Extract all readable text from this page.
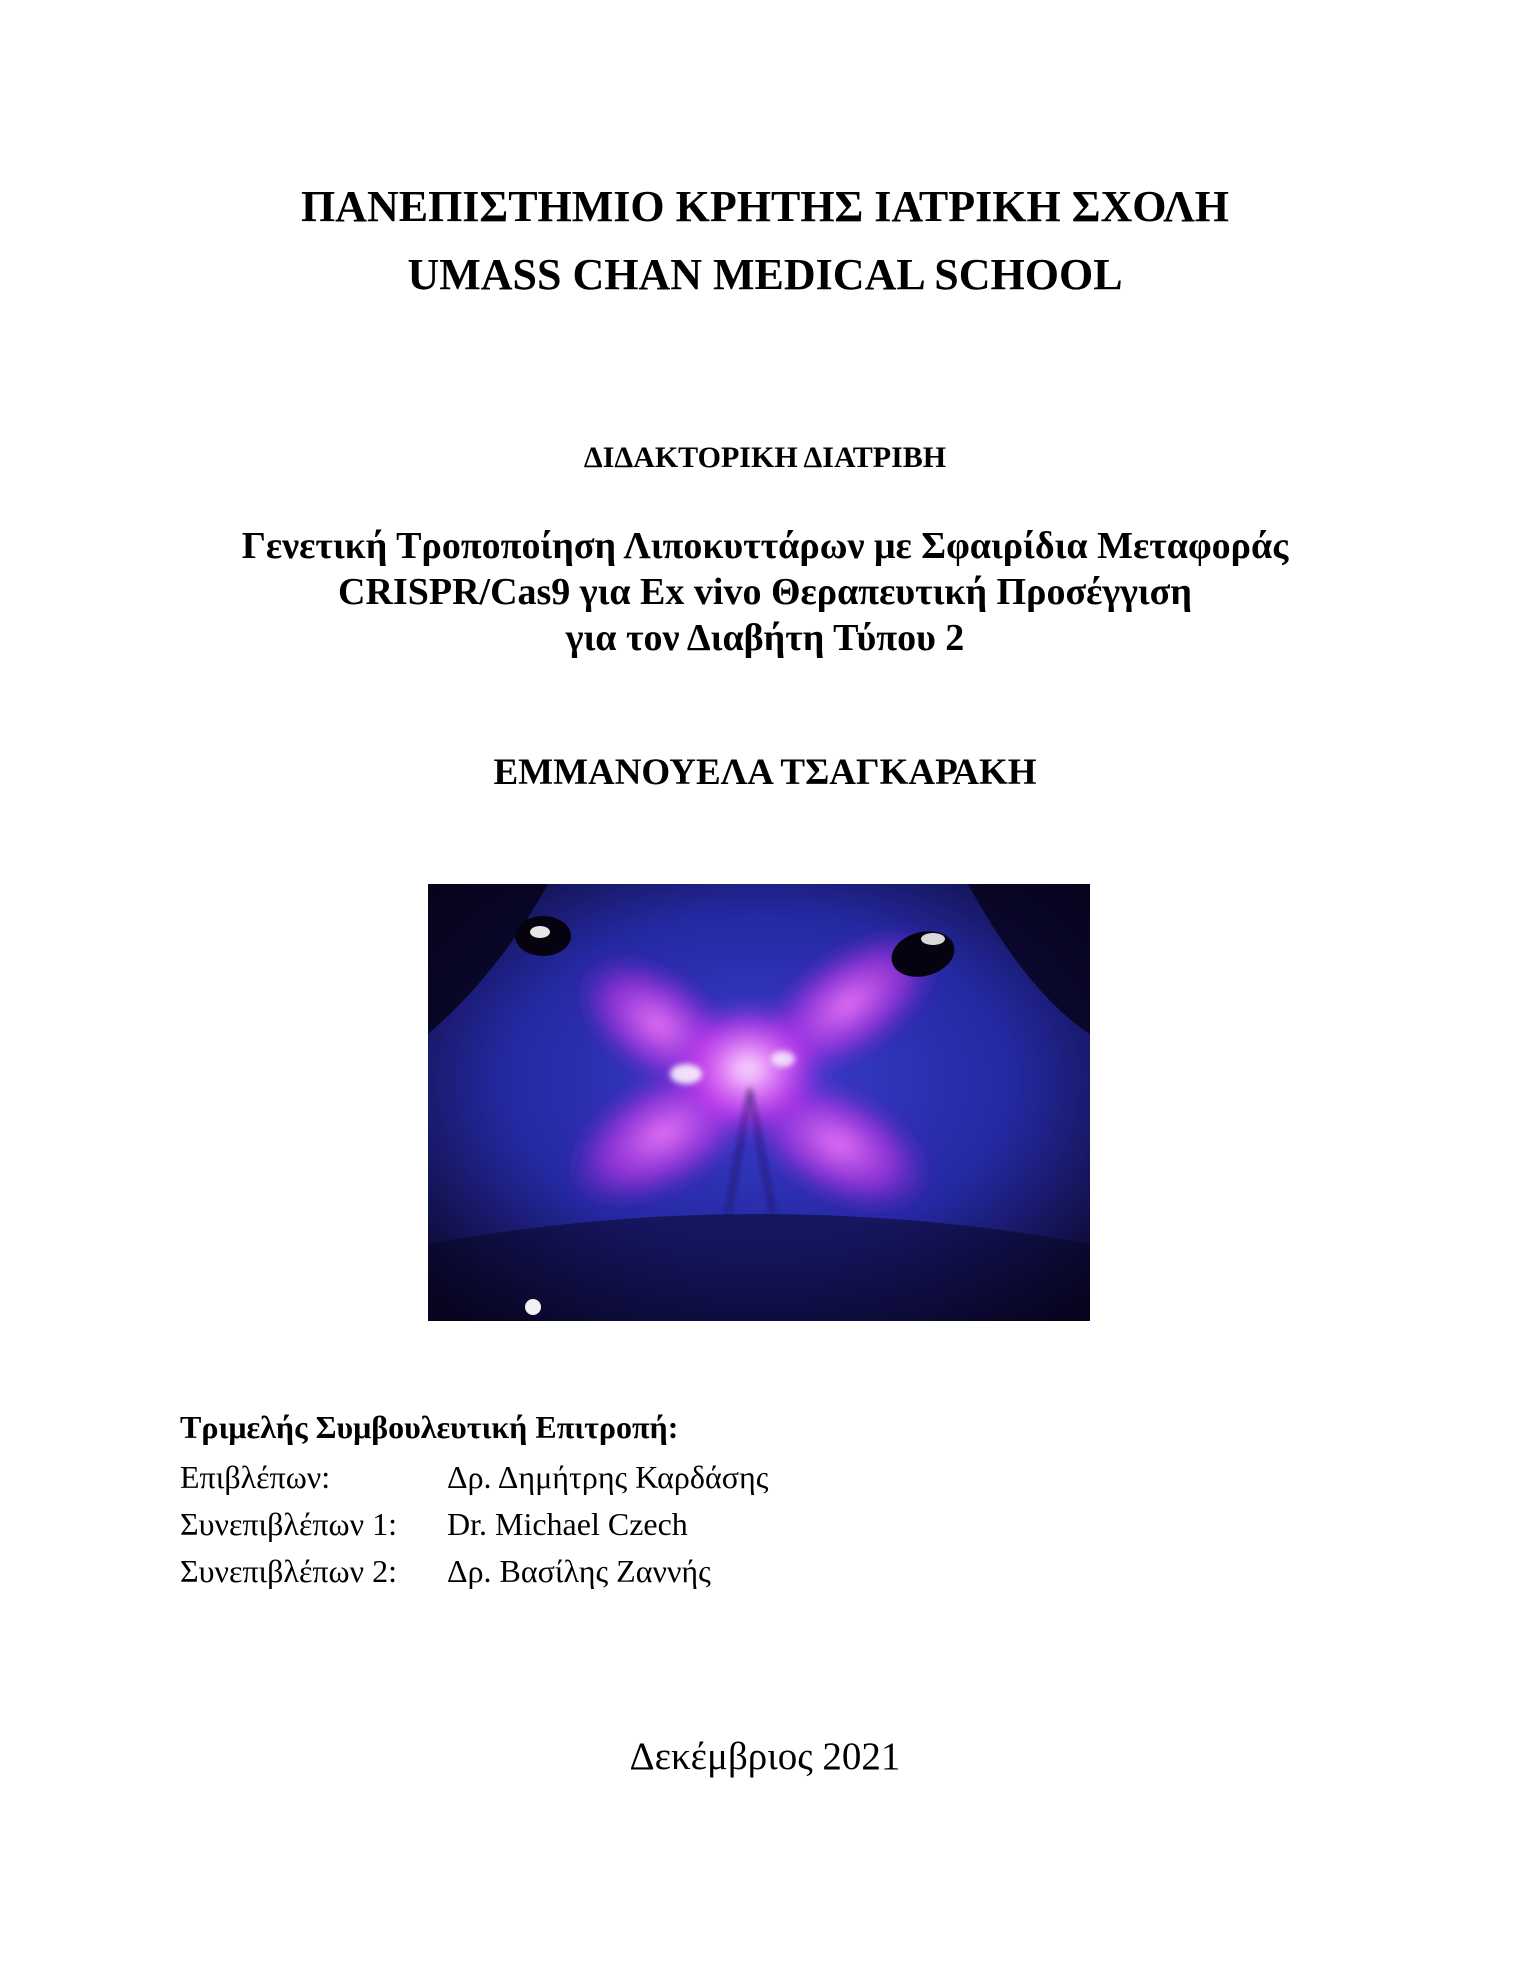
ΠΑΝΕΠΙΣΤΗΜΙΟ ΚΡΗΤΗΣ ΙΑΤΡΙΚΗ ΣΧΟΛΗ
UMASS CHAN MEDICAL SCHOOL
ΔΙΔΑΚΤΟΡΙΚΗ ΔΙΑΤΡΙΒΗ
Γενετική Τροποποίηση Λιποκυττάρων με Σφαιρίδια Μεταφοράς
CRISPR/Cas9 για Ex vivo Θεραπευτική Προσέγγιση
για τον Διαβήτη Τύπου 2
ΕΜΜΑΝΟΥΕΛΑ ΤΣΑΓΚΑΡΑΚΗ
Τριμελής Συμβουλευτική Επιτροπή:
Επιβλέπων:	Δρ. Δημήτρης Καρδάσης
Συνεπιβλέπων 1:	Dr. Michael Czech
Συνεπιβλέπων 2:	Δρ. Βασίλης Ζαννής
Δεκέμβριος 2021
